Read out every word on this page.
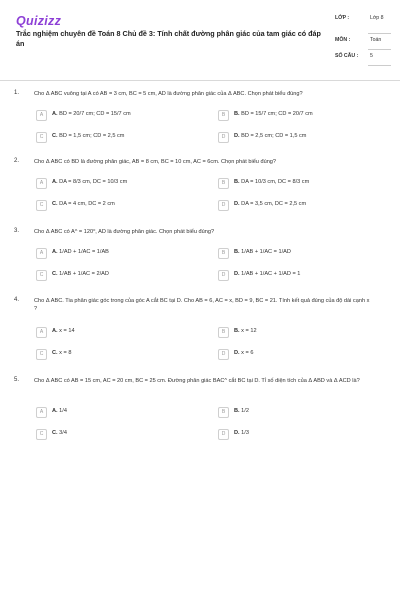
Quizizz
Trắc nghiệm chuyên đề Toán 8 Chủ đề 3: Tính chất đường phân giác của tam giác có đáp án
LỚP :	Lớp 8
MÔN :	Toán
SỐ CÂU : 5
1.	Cho Δ ABC vuông tại A có AB = 3 cm, BC = 5 cm, AD là đường phân giác của Δ ABC. Chọn phát biểu đúng?
A	A. BD = 20/7 cm; CD = 15/7 cm	B	B. BD = 15/7 cm; CD = 20/7 cm
C	C. BD = 1,5 cm; CD = 2,5 cm	D	D. BD = 2,5 cm; CD = 1,5 cm
2.	Cho Δ ABC có BD là đường phân giác, AB = 8 cm, BC = 10 cm, AC = 6cm. Chọn phát biểu đúng?
A	A. DA = 8/3 cm, DC = 10/3 cm	B	B. DA = 10/3 cm, DC = 8/3 cm
C	C. DA = 4 cm, DC = 2 cm	D	D. DA = 3,5 cm, DC = 2,5 cm
3.	Cho Δ ABC có A^ = 120⁰, AD là đường phân giác. Chọn phát biểu đúng?
A	A. 1/AD + 1/AC = 1/AB	B	B. 1/AB + 1/AC = 1/AD
C	C. 1/AB + 1/AC = 2/AD	D	D. 1/AB + 1/AC + 1/AD = 1
4.	Cho Δ ABC. Tia phân giác góc trong của góc A cắt BC tại D. Cho AB = 6, AC = x, BD = 9, BC = 21. Tính kết quả đúng của độ dài cạnh x ?
A	A. x = 14	B	B. x = 12
C	C. x = 8	D	D. x = 6
5.	Cho Δ ABC có AB = 15 cm, AC = 20 cm, BC = 25 cm. Đường phân giác BAC^ cắt BC tại D. Tỉ số diện tích của Δ ABD và Δ ACD là?
A	A. 1/4	B	B. 1/2
C	C. 3/4	D	D. 1/3
